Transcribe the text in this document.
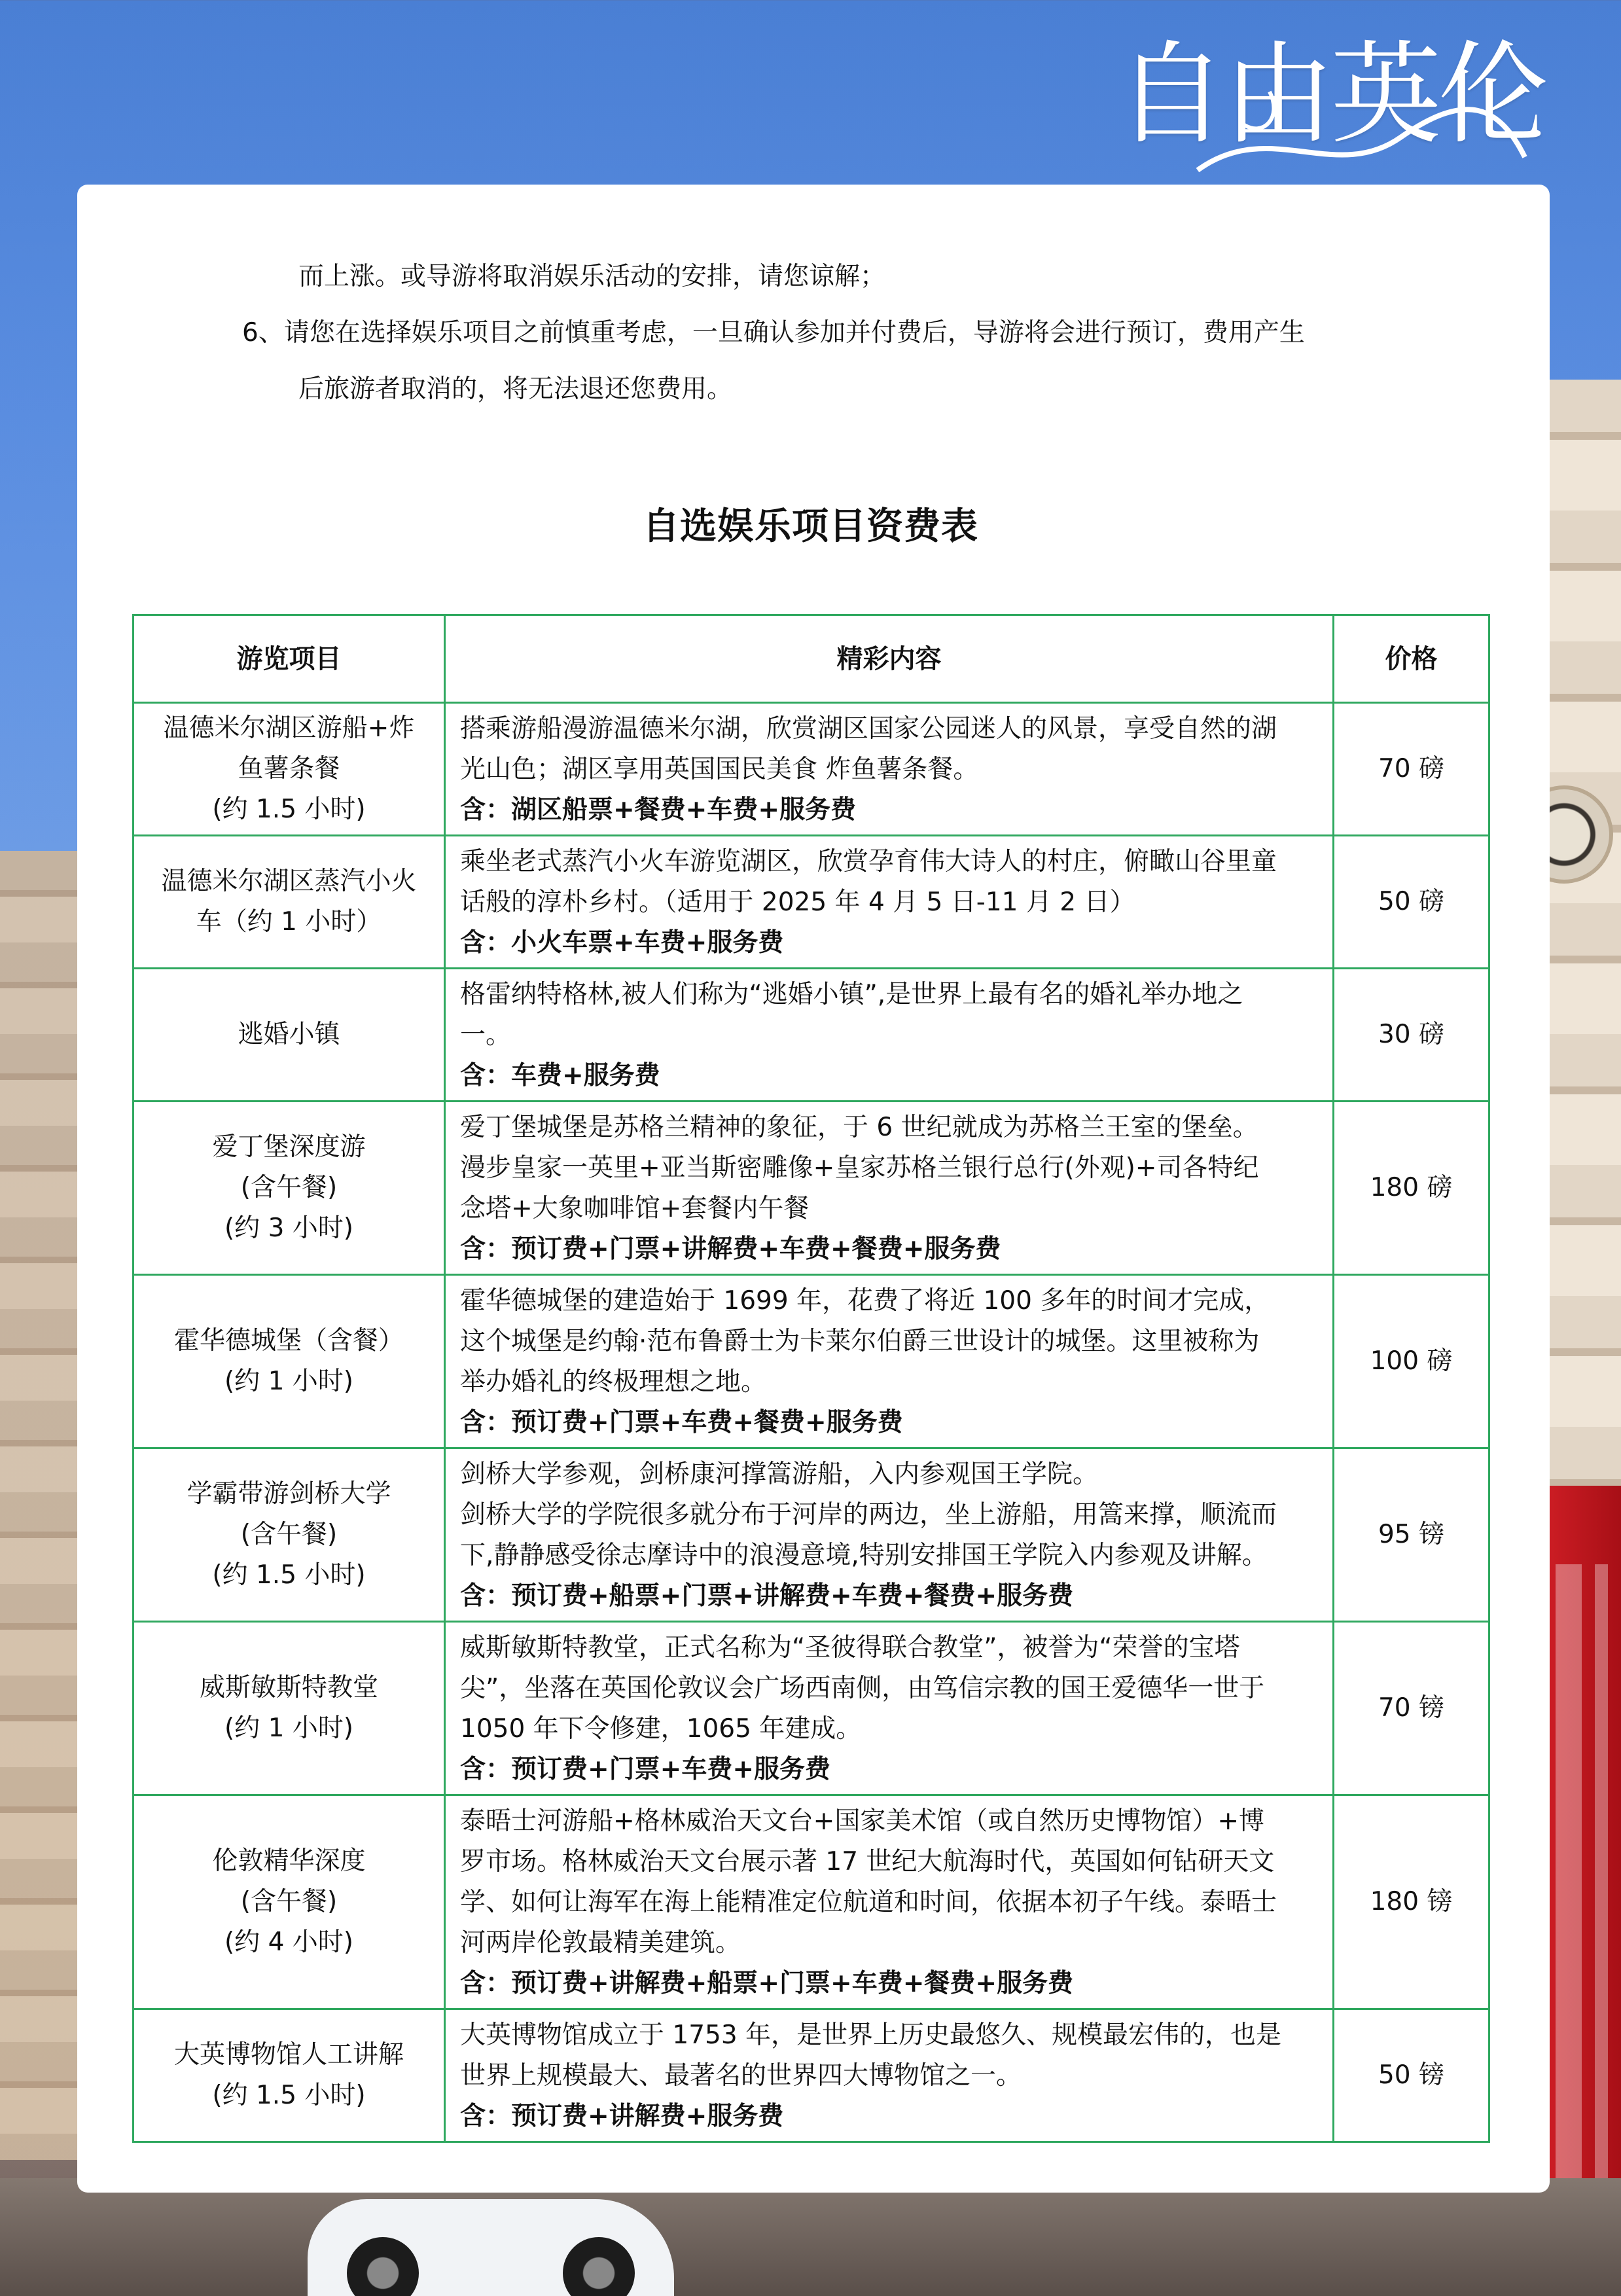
自由英伦

而上涨。或导游将取消娱乐活动的安排，请您谅解；

6、请您在选择娱乐项目之前慎重考虑，一旦确认参加并付费后，导游将会进行预订，费用产生

后旅游者取消的，将无法退还您费用。

自选娱乐项目资费表
游览项目	精彩内容	价格

温德米尔湖区游船+炸
鱼薯条餐
(约 1.5 小时)	搭乘游船漫游温德米尔湖，欣赏湖区国家公园迷人的风景，享受自然的湖
光山色；湖区享用英国国民美食 炸鱼薯条餐。
含：湖区船票+餐费+车费+服务费	70 磅

温德米尔湖区蒸汽小火
车（约 1 小时）	乘坐老式蒸汽小火车游览湖区，欣赏孕育伟大诗人的村庄，俯瞰山谷里童
话般的淳朴乡村。（适用于 2025 年 4 月 5 日-11 月 2 日）
含：小火车票+车费+服务费	50 磅

逃婚小镇	格雷纳特格林,被人们称为“逃婚小镇”,是世界上最有名的婚礼举办地之
一。
含：车费+服务费	30 磅

爱丁堡深度游
(含午餐)
(约 3 小时)	爱丁堡城堡是苏格兰精神的象征，于 6 世纪就成为苏格兰王室的堡垒。
漫步皇家一英里+亚当斯密雕像+皇家苏格兰银行总行(外观)+司各特纪
念塔+大象咖啡馆+套餐内午餐
含：预订费+门票+讲解费+车费+餐费+服务费	180 磅

霍华德城堡（含餐）
(约 1 小时)	霍华德城堡的建造始于 1699 年，花费了将近 100 多年的时间才完成，
这个城堡是约翰·范布鲁爵士为卡莱尔伯爵三世设计的城堡。这里被称为
举办婚礼的终极理想之地。
含：预订费+门票+车费+餐费+服务费	100 磅

学霸带游剑桥大学
(含午餐)
(约 1.5 小时)	剑桥大学参观，剑桥康河撑篙游船，入内参观国王学院。
剑桥大学的学院很多就分布于河岸的两边，坐上游船，用篙来撑，顺流而
下,静静感受徐志摩诗中的浪漫意境,特别安排国王学院入内参观及讲解。
含：预订费+船票+门票+讲解费+车费+餐费+服务费	95 镑

威斯敏斯特教堂
(约 1 小时)	威斯敏斯特教堂，正式名称为“圣彼得联合教堂”，被誉为“荣誉的宝塔
尖”，坐落在英国伦敦议会广场西南侧，由笃信宗教的国王爱德华一世于
1050 年下令修建，1065 年建成。
含：预订费+门票+车费+服务费	70 镑

伦敦精华深度
(含午餐)
(约 4 小时)	泰晤士河游船+格林威治天文台+国家美术馆（或自然历史博物馆）+博
罗市场。格林威治天文台展示著 17 世纪大航海时代，英国如何钻研天文
学、如何让海军在海上能精准定位航道和时间，依据本初子午线。泰晤士
河两岸伦敦最精美建筑。
含：预订费+讲解费+船票+门票+车费+餐费+服务费	180 镑

大英博物馆人工讲解
(约 1.5 小时)	大英博物馆成立于 1753 年，是世界上历史最悠久、规模最宏伟的，也是
世界上规模最大、最著名的世界四大博物馆之一。
含：预订费+讲解费+服务费	50 镑
